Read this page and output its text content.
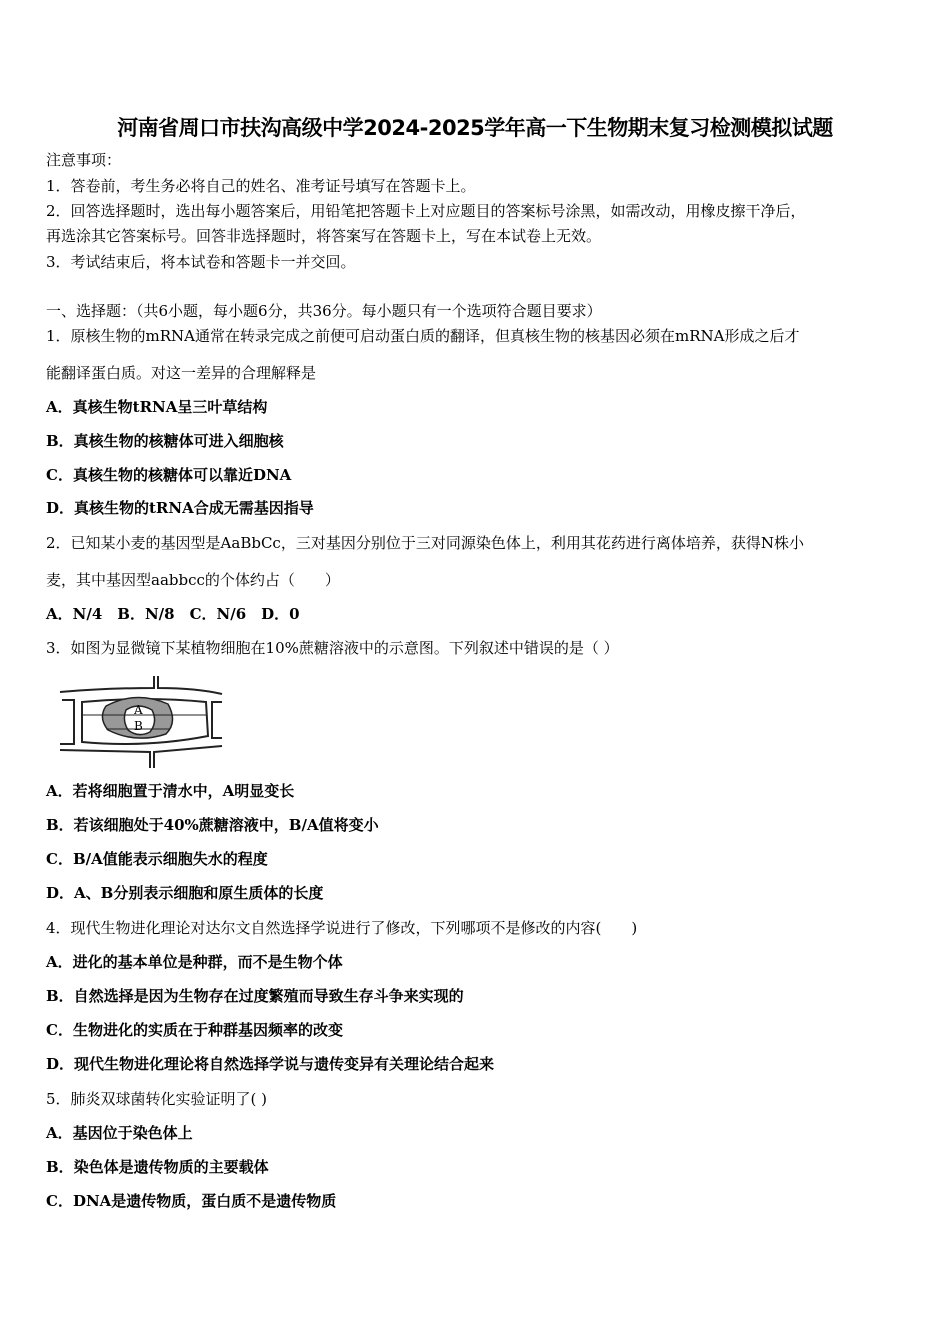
河南省周口市扶沟高级中学2024-2025学年高一下生物期末复习检测模拟试题
注意事项：
1．答卷前，考生务必将自己的姓名、准考证号填写在答题卡上。
2．回答选择题时，选出每小题答案后，用铅笔把答题卡上对应题目的答案标号涂黑，如需改动，用橡皮擦干净后，
再选涂其它答案标号。回答非选择题时，将答案写在答题卡上，写在本试卷上无效。
3．考试结束后，将本试卷和答题卡一并交回。
一、选择题：（共6小题，每小题6分，共36分。每小题只有一个选项符合题目要求）
1．原核生物的mRNA通常在转录完成之前便可启动蛋白质的翻译，但真核生物的核基因必须在mRNA形成之后才
能翻译蛋白质。对这一差异的合理解释是
A．真核生物tRNA呈三叶草结构
B．真核生物的核糖体可进入细胞核
C．真核生物的核糖体可以靠近DNA
D．真核生物的tRNA合成无需基因指导
2．已知某小麦的基因型是AaBbCc，三对基因分别位于三对同源染色体上，利用其花药进行离体培养，获得N株小
麦，其中基因型aabbcc的个体约占（　　）
A．N/4　B．N/8　C．N/6　D．0
3．如图为显微镜下某植物细胞在10%蔗糖溶液中的示意图。下列叙述中错误的是（ ）
A
B
A．若将细胞置于清水中，A明显变长
B．若该细胞处于40%蔗糖溶液中，B/A值将变小
C．B/A值能表示细胞失水的程度
D．A、B分别表示细胞和原生质体的长度
4．现代生物进化理论对达尔文自然选择学说进行了修改，下列哪项不是修改的内容(　　)
A．进化的基本单位是种群，而不是生物个体
B．自然选择是因为生物存在过度繁殖而导致生存斗争来实现的
C．生物进化的实质在于种群基因频率的改变
D．现代生物进化理论将自然选择学说与遗传变异有关理论结合起来
5．肺炎双球菌转化实验证明了( )
A．基因位于染色体上
B．染色体是遗传物质的主要载体
C．DNA是遗传物质，蛋白质不是遗传物质
